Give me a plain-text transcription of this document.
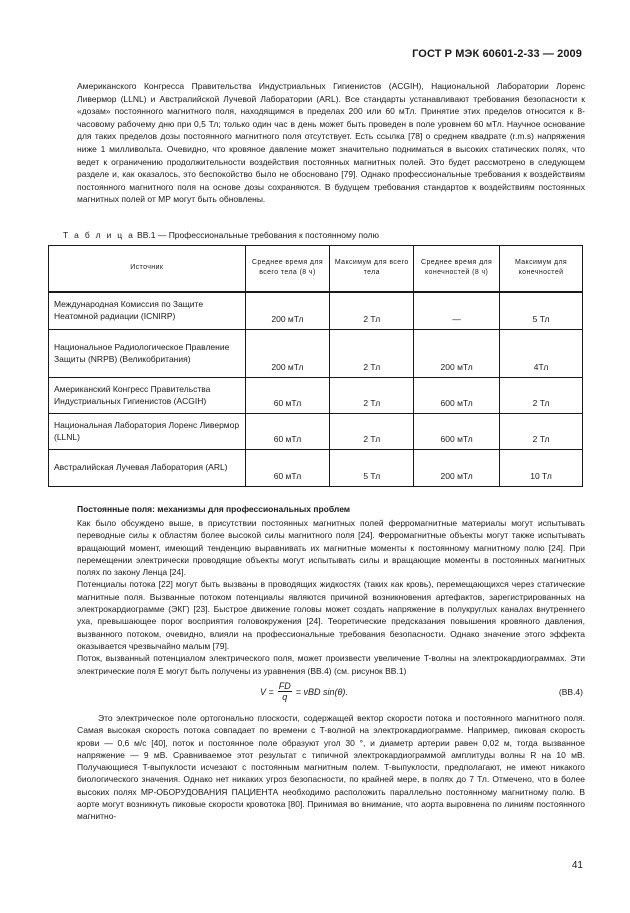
ГОСТ Р МЭК 60601-2-33 — 2009
Американского Конгресса Правительства Индустриальных Гигиенистов (ACGIH), Национальной Лаборатории Лоренс Ливермор (LLNL) и Австралийской Лучевой Лаборатории (ARL). Все стандарты устанавливают требования безопасности к «дозам» постоянного магнитного поля, находящимся в пределах 200 или 60 мТл. Принятие этих пределов относится к 8-часовому рабочему дню при 0,5 Тл; только один час в день может быть проведен в поле уровнем 60 мТл. Научное основание для таких пределов дозы постоянного магнитного поля отсутствует. Есть ссылка [78] о среднем квадрате (r.m.s) напряжения ниже 1 милливольта. Очевидно, что кровяное давление может значительно подниматься в высоких статических полях, что ведет к ограничению продолжительности воздействия постоянных магнитных полей. Это будет рассмотрено в следующем разделе и, как оказалось, это беспокойство было не обосновано [79]. Однако профессиональные требования к воздействиям постоянного магнитного поля на основе дозы сохраняются. В будущем требования стандартов к воздействиям постоянных магнитных полей от МР могут быть обновлены.
Т а б л и ц а ВВ.1 — Профессиональные требования к постоянному полю
Источник	Среднее время для всего тела (8 ч)	Максимум для всего тела	Среднее время для конечностей (8 ч)	Максимум для конечностей
Международная Комиссия по Защите Неатомной радиации (ICNIRP)	200 мТл	2 Тл	—	5 Тл
Национальное Радиологическое Правление Защиты (NRPB) (Великобритания)	200 мТл	2 Тл	200 мТл	4Тл
Американский Конгресс Правительства Индустриальных Гигиенистов (ACGIH)	60 мТл	2 Тл	600 мТл	2 Тл
Национальная Лаборатория Лоренс Ливермор (LLNL)	60 мТл	2 Тл	600 мТл	2 Тл
Австралийская Лучевая Лаборатория (ARL)	60 мТл	5 Тл	200 мТл	10 Тл
Постоянные поля: механизмы для профессиональных проблем

Как было обсуждено выше, в присутствии постоянных магнитных полей ферромагнитные материалы могут испытывать переводные силы к областям более высокой силы магнитного поля [24]. Ферромагнитные объекты могут также испытывать вращающий момент, имеющий тенденцию выравнивать их магнитные моменты к постоянному магнитному полю [24]. При перемещении электрически проводящие объекты могут испытывать силы и вращающие моменты в постоянных магнитных полях по закону Ленца [24].

Потенциалы потока [22] могут быть вызваны в проводящих жидкостях (таких как кровь), перемещающихся через статические магнитные поля. Вызванные потоком потенциалы являются причиной возникновения артефактов, зарегистрированных на электрокардиограмме (ЭКГ) [23]. Быстрое движение головы может создать напряжение в полукруглых каналах внутреннего уха, превышающее порог восприятия головокружения [24]. Теоретические предсказания повышения кровяного давления, вызванного потоком, очевидно, влияли на профессиональные требования безопасности. Однако значение этого эффекта оказывается чрезвычайно малым [79].

Поток, вызванный потенциалом электрического поля, может произвести увеличение T-волны на электрокардиограммах. Эти электрические поля E могут быть получены из уравнения (ВВ.4) (см. рисунок ВВ.1)

$V = \frac{FD}{q}$ = vBD sin(θ).	(ВВ.4)
Это электрическое поле ортогонально плоскости, содержащей вектор скорости потока и постоянного магнитного поля. Самая высокая скорость потока совпадает по времени с T-волной на электрокардиограмме. Например, пиковая скорость крови — 0,6 м/с [40], поток и постоянное поле образуют угол 30 °, и диаметр артерии равен 0,02 м, тогда вызванное напряжение — 9 мВ. Сравниваемое этот результат с типичной электрокардиограммой амплитуды волны R на 10 мВ. Получающиеся T-выпуклости исчезают с постоянным магнитным полем. T-выпуклости, предполагают, не имеют никакого биологического значения. Однако нет никаких угроз безопасности, по крайней мере, в полях до 7 Тл. Отмечено, что в более высоких полях МР-ОБОРУДОВАНИЯ ПАЦИЕНТА необходимо расположить параллельно постоянному магнитному полю. В аорте могут возникнуть пиковые скорости кровотока [80]. Принимая во внимание, что аорта выровнена по линиям постоянного магнитно-
41
